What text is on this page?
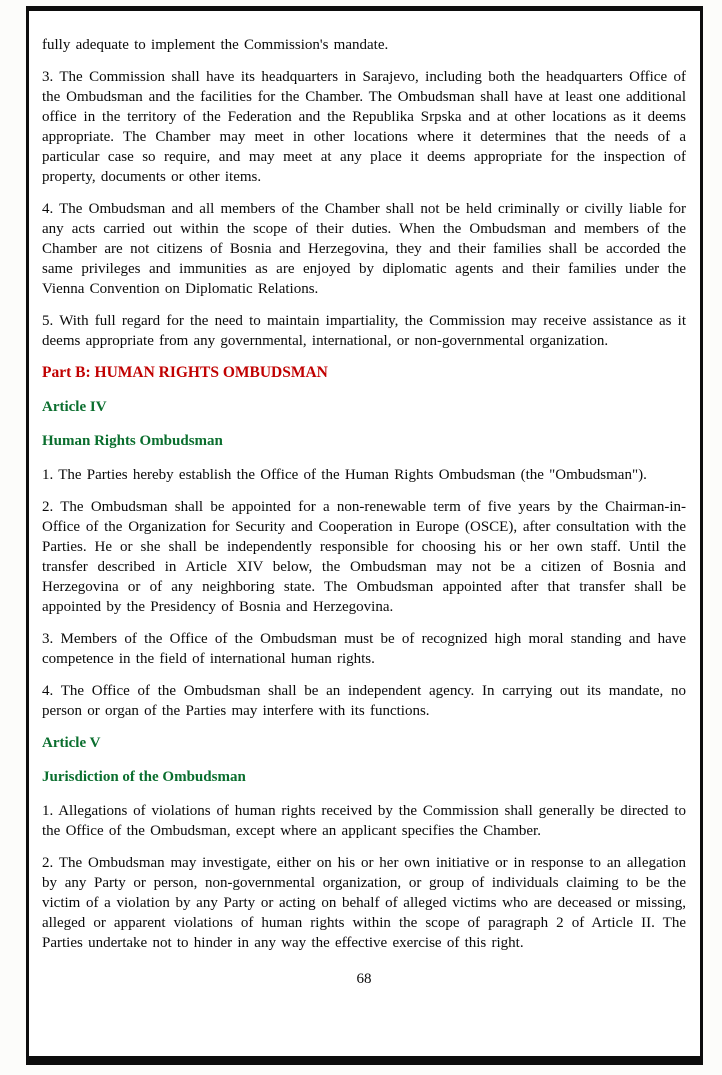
fully adequate to implement the Commission's mandate.

3. The Commission shall have its headquarters in Sarajevo, including both the headquarters Office of the Ombudsman and the facilities for the Chamber. The Ombudsman shall have at least one additional office in the territory of the Federation and the Republika Srpska and at other locations as it deems appropriate. The Chamber may meet in other locations where it determines that the needs of a particular case so require, and may meet at any place it deems appropriate for the inspection of property, documents or other items.

4. The Ombudsman and all members of the Chamber shall not be held criminally or civilly liable for any acts carried out within the scope of their duties. When the Ombudsman and members of the Chamber are not citizens of Bosnia and Herzegovina, they and their families shall be accorded the same privileges and immunities as are enjoyed by diplomatic agents and their families under the Vienna Convention on Diplomatic Relations.

5. With full regard for the need to maintain impartiality, the Commission may receive assistance as it deems appropriate from any governmental, international, or non-governmental organization.

Part B: HUMAN RIGHTS OMBUDSMAN

Article IV

Human Rights Ombudsman

1. The Parties hereby establish the Office of the Human Rights Ombudsman (the "Ombudsman").

2. The Ombudsman shall be appointed for a non-renewable term of five years by the Chairman-in-Office of the Organization for Security and Cooperation in Europe (OSCE), after consultation with the Parties. He or she shall be independently responsible for choosing his or her own staff. Until the transfer described in Article XIV below, the Ombudsman may not be a citizen of Bosnia and Herzegovina or of any neighboring state. The Ombudsman appointed after that transfer shall be appointed by the Presidency of Bosnia and Herzegovina.

3. Members of the Office of the Ombudsman must be of recognized high moral standing and have competence in the field of international human rights.

4. The Office of the Ombudsman shall be an independent agency. In carrying out its mandate, no person or organ of the Parties may interfere with its functions.

Article V

Jurisdiction of the Ombudsman

1. Allegations of violations of human rights received by the Commission shall generally be directed to the Office of the Ombudsman, except where an applicant specifies the Chamber.

2. The Ombudsman may investigate, either on his or her own initiative or in response to an allegation by any Party or person, non-governmental organization, or group of individuals claiming to be the victim of a violation by any Party or acting on behalf of alleged victims who are deceased or missing, alleged or apparent violations of human rights within the scope of paragraph 2 of Article II. The Parties undertake not to hinder in any way the effective exercise of this right.

68
